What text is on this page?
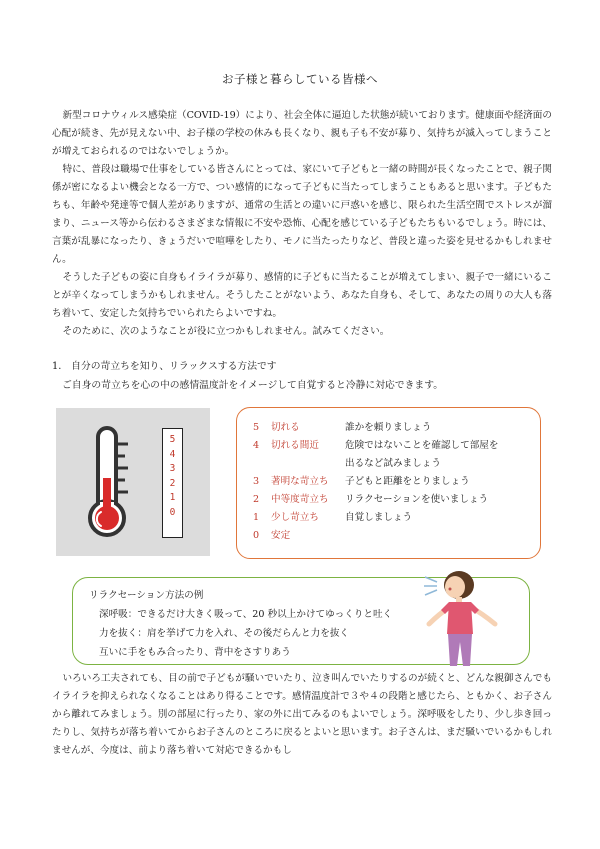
お子様と暮らしている皆様へ

新型コロナウィルス感染症（COVID-19）により、社会全体に逼迫した状態が続いております。健康面や経済面の心配が続き、先が見えない中、お子様の学校の休みも長くなり、親も子も不安が募り、気持ちが滅入ってしまうことが増えておられるのではないでしょうか。

特に、普段は職場で仕事をしている皆さんにとっては、家にいて子どもと一緒の時間が長くなったことで、親子関係が密になるよい機会となる一方で、つい感情的になって子どもに当たってしまうこともあると思います。子どもたちも、年齢や発達等で個人差がありますが、通常の生活との違いに戸惑いを感じ、限られた生活空間でストレスが溜まり、ニュース等から伝わるさまざまな情報に不安や恐怖、心配を感じている子どもたちもいるでしょう。時には、言葉が乱暴になったり、きょうだいで喧嘩をしたり、モノに当たったりなど、普段と違った姿を見せるかもしれません。

そうした子どもの姿に自身もイライラが募り、感情的に子どもに当たることが増えてしまい、親子で一緒にいることが辛くなってしまうかもしれません。そうしたことがないよう、あなた自身も、そして、あなたの周りの大人も落ち着いて、安定した気持ちでいられたらよいですね。

そのために、次のようなことが役に立つかもしれません。試みてください。

1.　自分の苛立ちを知り、リラックスする方法です
ご自身の苛立ちを心の中の感情温度計をイメージして自覚すると冷静に対応できます。
5
4
3
2
1
0
5	切れる	誰かを頼りましょう
4	切れる間近	危険ではないことを確認して部屋を
出るなど試みましょう
3	著明な苛立ち 子どもと距離をとりましょう
2	中等度苛立ち リラクセーションを使いましょう
1	少し苛立ち	自覚しましょう
0	安定
リラクセーション方法の例
深呼吸：できるだけ大きく吸って、20 秒以上かけてゆっくりと吐く
力を抜く：肩を挙げて力を入れ、その後だらんと力を抜く
互いに手をもみ合ったり、背中をさすりあう

いろいろ工夫されても、目の前で子どもが騒いでいたり、泣き叫んでいたりするのが続くと、どんな親御さんでもイライラを抑えられなくなることはあり得ることです。感情温度計で３や４の段階と感じたら、ともかく、お子さんから離れてみましょう。別の部屋に行ったり、家の外に出てみるのもよいでしょう。深呼吸をしたり、少し歩き回ったりし、気持ちが落ち着いてからお子さんのところに戻るとよいと思います。お子さんは、まだ騒いでいるかもしれませんが、今度は、前より落ち着いて対応できるかもし
